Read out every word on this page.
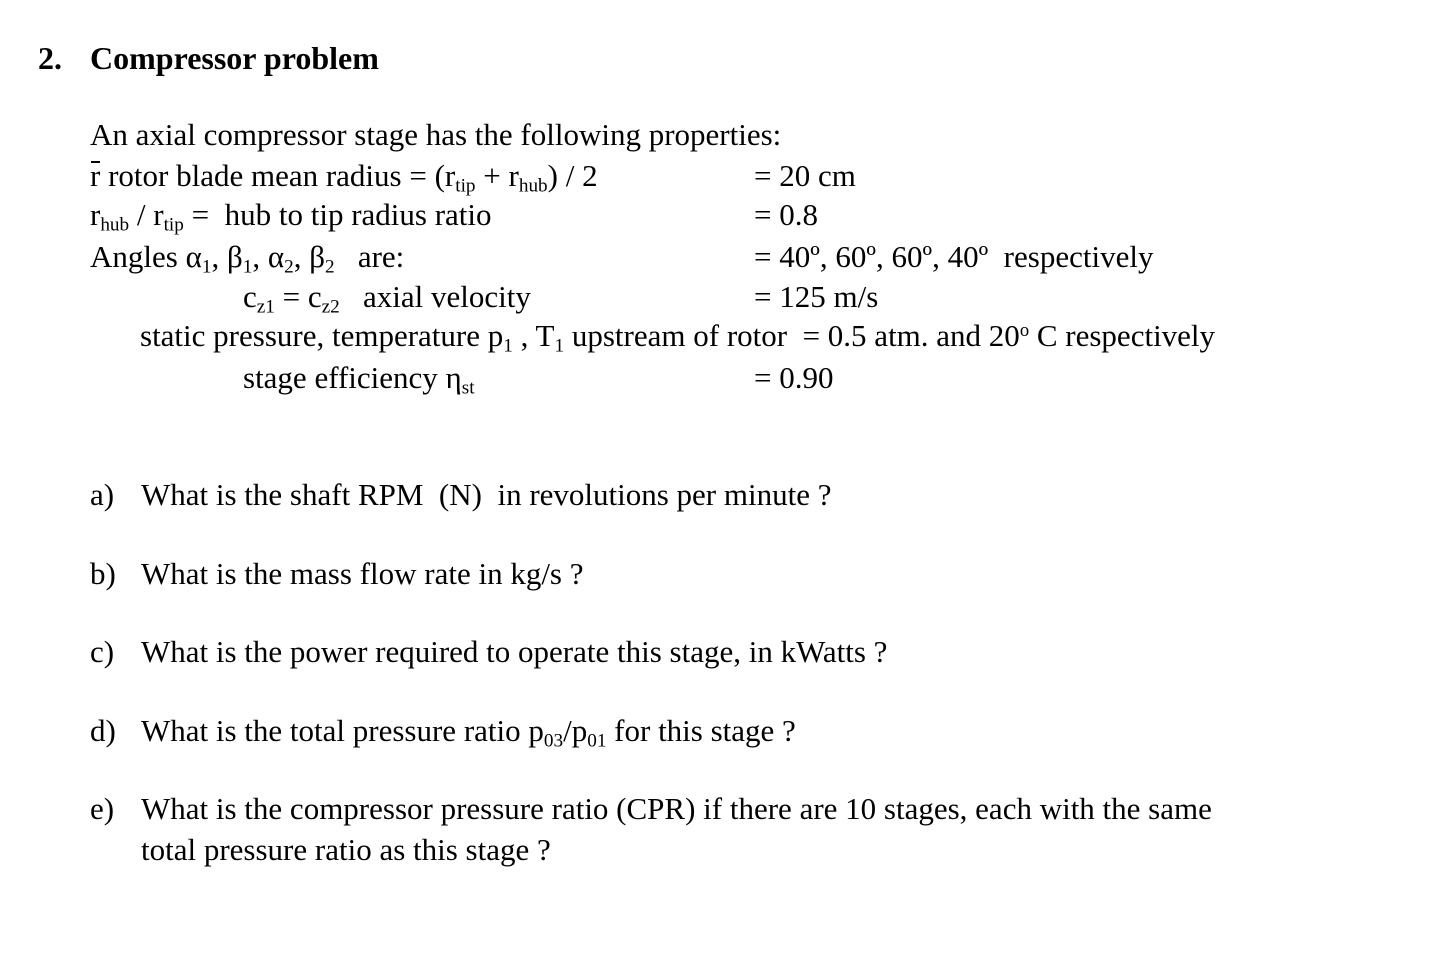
2. Compressor problem
An axial compressor stage has the following properties:
r rotor blade mean radius = $(r_{tip} + r_{hub}) / 2$	= 20 cm
$r_{hub} / r_{tip}$ =  hub to tip radius ratio	= 0.8
Angles $\alpha_1$, $\beta_1$, $\alpha_2$, $\beta_2$   are:	= 40º, 60º, 60º, 40º  respectively
$c_{z1} = c_{z2}$   axial velocity	= 125 m/s
static pressure, temperature $p_1$ , $T_1$ upstream of rotor  = 0.5 atm. and 20$^o$ C respectively
stage efficiency $\eta_{st}$	= 0.90
a) What is the shaft RPM  (N)  in revolutions per minute ?
b) What is the mass flow rate in kg/s ?
c) What is the power required to operate this stage, in kWatts ?
d) What is the total pressure ratio $p_{03}/p_{01}$ for this stage ?
e) What is the compressor pressure ratio (CPR) if there are 10 stages, each with the same
total pressure ratio as this stage ?
